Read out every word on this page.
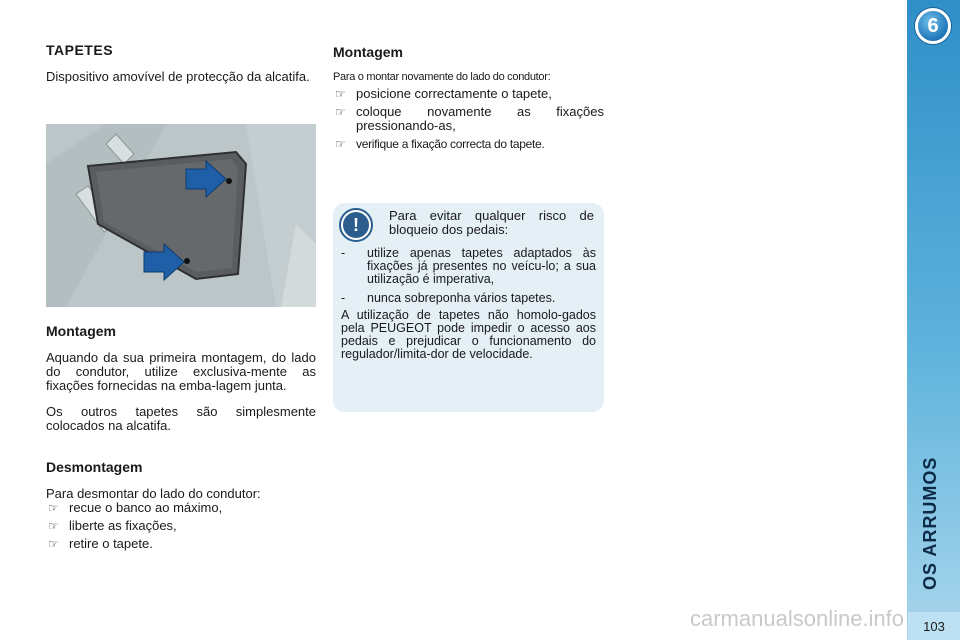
6
OS ARRUMOS
103
TAPETES

Dispositivo amovível de protecção da alcatifa.

Montagem

Aquando da sua primeira montagem, do lado do condutor, utilize exclusiva-mente as fixações fornecidas na emba-lagem junta.

Os outros tapetes são simplesmente colocados na alcatifa.

Desmontagem

Para desmontar do lado do condutor:

☞ recue o banco ao máximo,
☞ liberte as fixações,
☞ retire o tapete.
Montagem

Para o montar novamente do lado do condutor:

☞ posicione correctamente o tapete,
☞ coloque novamente as fixações pressionando-as,
☞ verifique a fixação correcta do tapete.
!	Para evitar qualquer risco de bloqueio dos pedais:

- utilize apenas tapetes adaptados às fixações já presentes no veícu-lo; a sua utilização é imperativa,
- nunca sobreponha vários tapetes.

A utilização de tapetes não homolo-gados pela PEUGEOT pode impedir o acesso aos pedais e prejudicar o funcionamento do regulador/limita-dor de velocidade.

carmanualsonline.info
